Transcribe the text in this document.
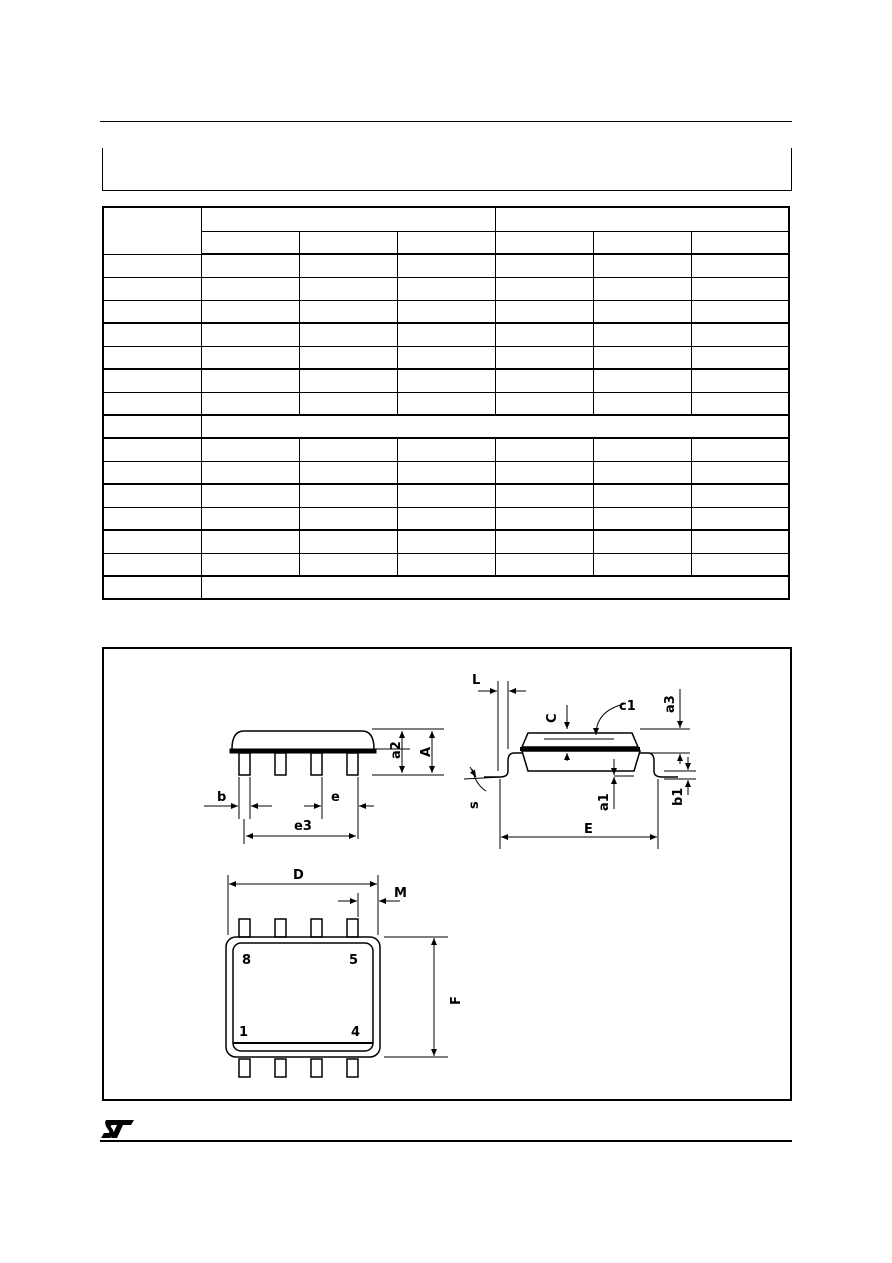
b	e
e3
a2 A
L
C
c1 a3
a1	b1
s
E
D
M
F
8	5
1	4
